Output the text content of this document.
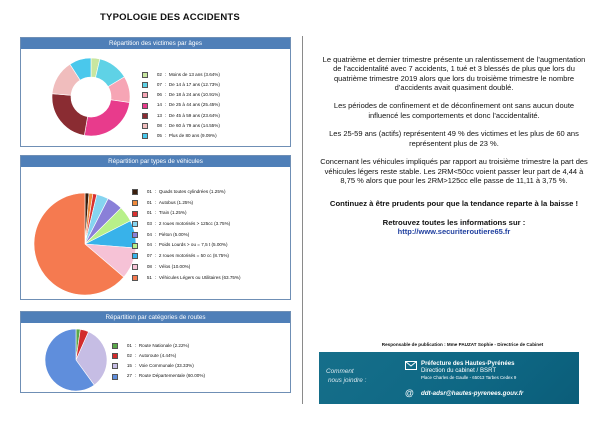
TYPOLOGIE DES ACCIDENTS
Répartition des victimes par âges
02 : Moins de 13 ans (3.64%)
07 : De 14 à 17 ans (12.73%)
06 : De 18 à 24 ans (10.91%)
14 : De 25 à 44 ans (25.45%)
13 : De 45 à 59 ans (23.64%)
08 : De 60 à 79 ans (14.55%)
05 : Plus de 80 ans (9.09%)
Répartition par types de véhicules
01 : Quads toutes cylindrées (1.25%)
01 : Autobus (1.25%)
01 : Train (1.25%)
03 : 2 roues motorisés > 125cc (3.75%)
04 : Piéton (5.00%)
04 : Poids Lourds > ou = 7,5 t (5.00%)
07 : 2 roues motorisés = 50 cc (8.75%)
08 : Vélos (10.00%)
51 : Véhicules Légers ou Utilitaires (63.75%)
Répartition par catégories de routes
01 : Route Nationale (2.22%)
02 : Autoroute (4.44%)
15 : Voie Communale (33.33%)
27 : Route Départementale (60.00%)

Le quatrième et dernier trimestre présente un ralentissement de l’augmentation de l’accidentalité avec 7 accidents, 1 tué et 3 blessés de plus que lors du quatrième trimestre 2019 alors que lors du troisième trimestre le nombre d’accidents avait quasiment doublé.

Les périodes de confinement et de déconfinement ont sans aucun doute influencé les comportements et donc l’accidentalité.

Les 25-59 ans (actifs) représentent 49 % des victimes et les plus de 60 ans représentent plus de 23 %.

Concernant les véhicules impliqués par rapport au troisième trimestre la part des véhicules légers reste stable. Les 2RM<50cc voient passer leur part de 4,44 à 8,75 % alors que pour les 2RM>125cc elle passe de 11,11 à 3,75 %.

Continuez à être prudents pour que la tendance reparte à la baisse !

Retrouvez toutes les informations sur :
http://www.securiteroutiere65.fr

Responsable de publication : Mme PAUZAT Sophie - Directrice de Cabinet
Comment
nous joindre :
Préfecture des Hautes-Pyrénées
Direction du cabinet / BSRT
Place Charles de Gaulle - 65013 Tarbes Cedex 9
@ ddt-adsr@hautes-pyrenees.gouv.fr
